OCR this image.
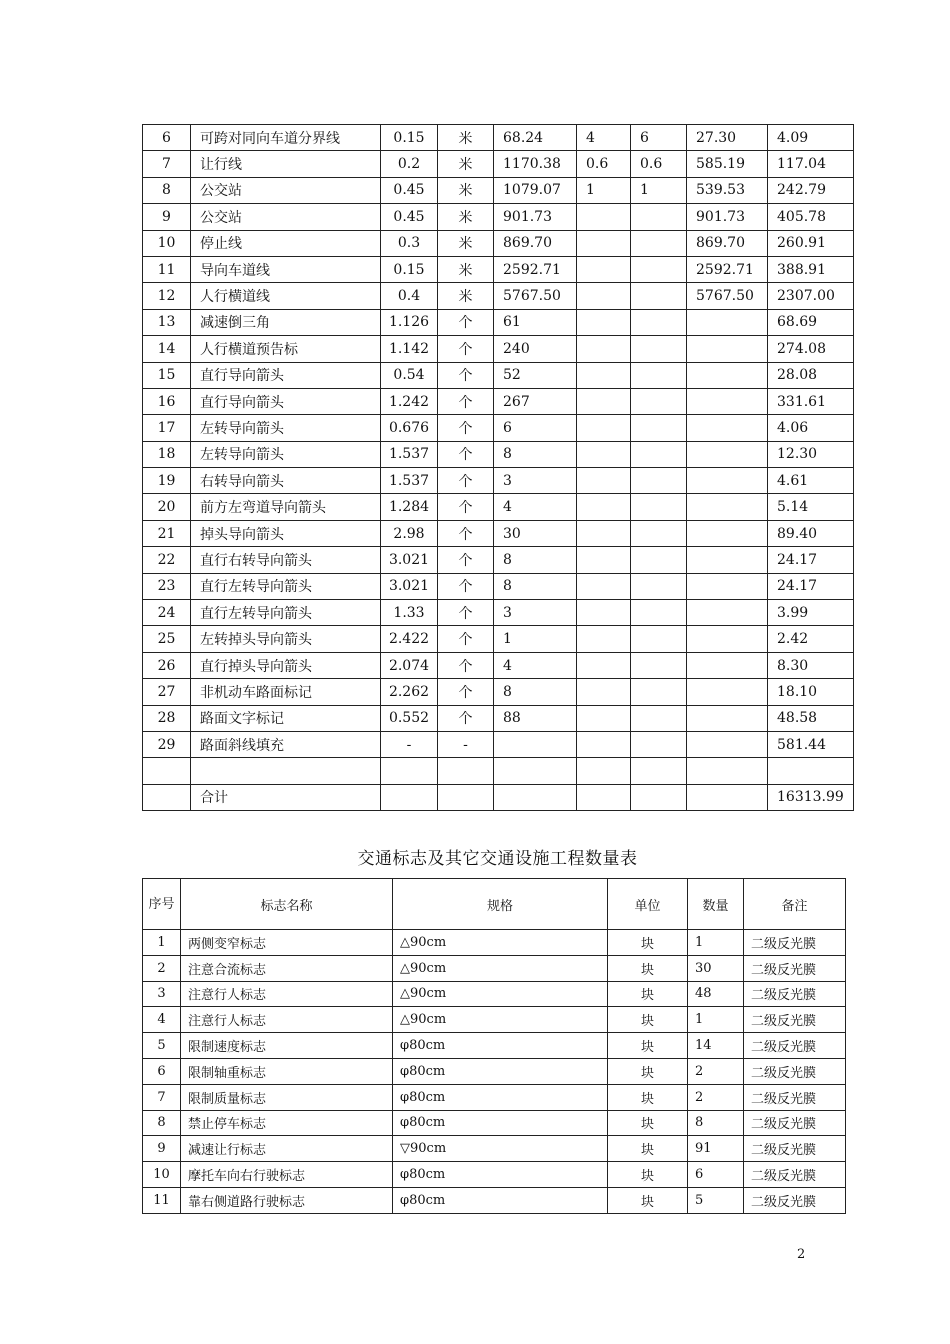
6	可跨对同向车道分界线	0.15	米	68.24	4	6	27.30	4.09
7	让行线	0.2	米	1170.38	0.6	0.6	585.19	117.04
8	公交站	0.45	米	1079.07	1	1	539.53	242.79
9	公交站	0.45	米	901.73			901.73	405.78
10	停止线	0.3	米	869.70			869.70	260.91
11	导向车道线	0.15	米	2592.71			2592.71	388.91
12	人行横道线	0.4	米	5767.50			5767.50	2307.00
13	减速倒三角	1.126	个	61				68.69
14	人行横道预告标	1.142	个	240				274.08
15	直行导向箭头	0.54	个	52				28.08
16	直行导向箭头	1.242	个	267				331.61
17	左转导向箭头	0.676	个	6				4.06
18	左转导向箭头	1.537	个	8				12.30
19	右转导向箭头	1.537	个	3				4.61
20	前方左弯道导向箭头	1.284	个	4				5.14
21	掉头导向箭头	2.98	个	30				89.40
22	直行右转导向箭头	3.021	个	8				24.17
23	直行左转导向箭头	3.021	个	8				24.17
24	直行左转导向箭头	1.33	个	3				3.99
25	左转掉头导向箭头	2.422	个	1				2.42
26	直行掉头导向箭头	2.074	个	4				8.30
27	非机动车路面标记	2.262	个	8				18.10
28	路面文字标记	0.552	个	88				48.58
29	路面斜线填充	-	-					581.44

	合计							16313.99
交通标志及其它交通设施工程数量表
序号	标志名称	规格	单位	数量	备注
1	两侧变窄标志	△90cm	块	1	二级反光膜
2	注意合流标志	△90cm	块	30	二级反光膜
3	注意行人标志	△90cm	块	48	二级反光膜
4	注意行人标志	△90cm	块	1	二级反光膜
5	限制速度标志	φ80cm	块	14	二级反光膜
6	限制轴重标志	φ80cm	块	2	二级反光膜
7	限制质量标志	φ80cm	块	2	二级反光膜
8	禁止停车标志	φ80cm	块	8	二级反光膜
9	减速让行标志	▽90cm	块	91	二级反光膜
10	摩托车向右行驶标志	φ80cm	块	6	二级反光膜
11	靠右侧道路行驶标志	φ80cm	块	5	二级反光膜
2
